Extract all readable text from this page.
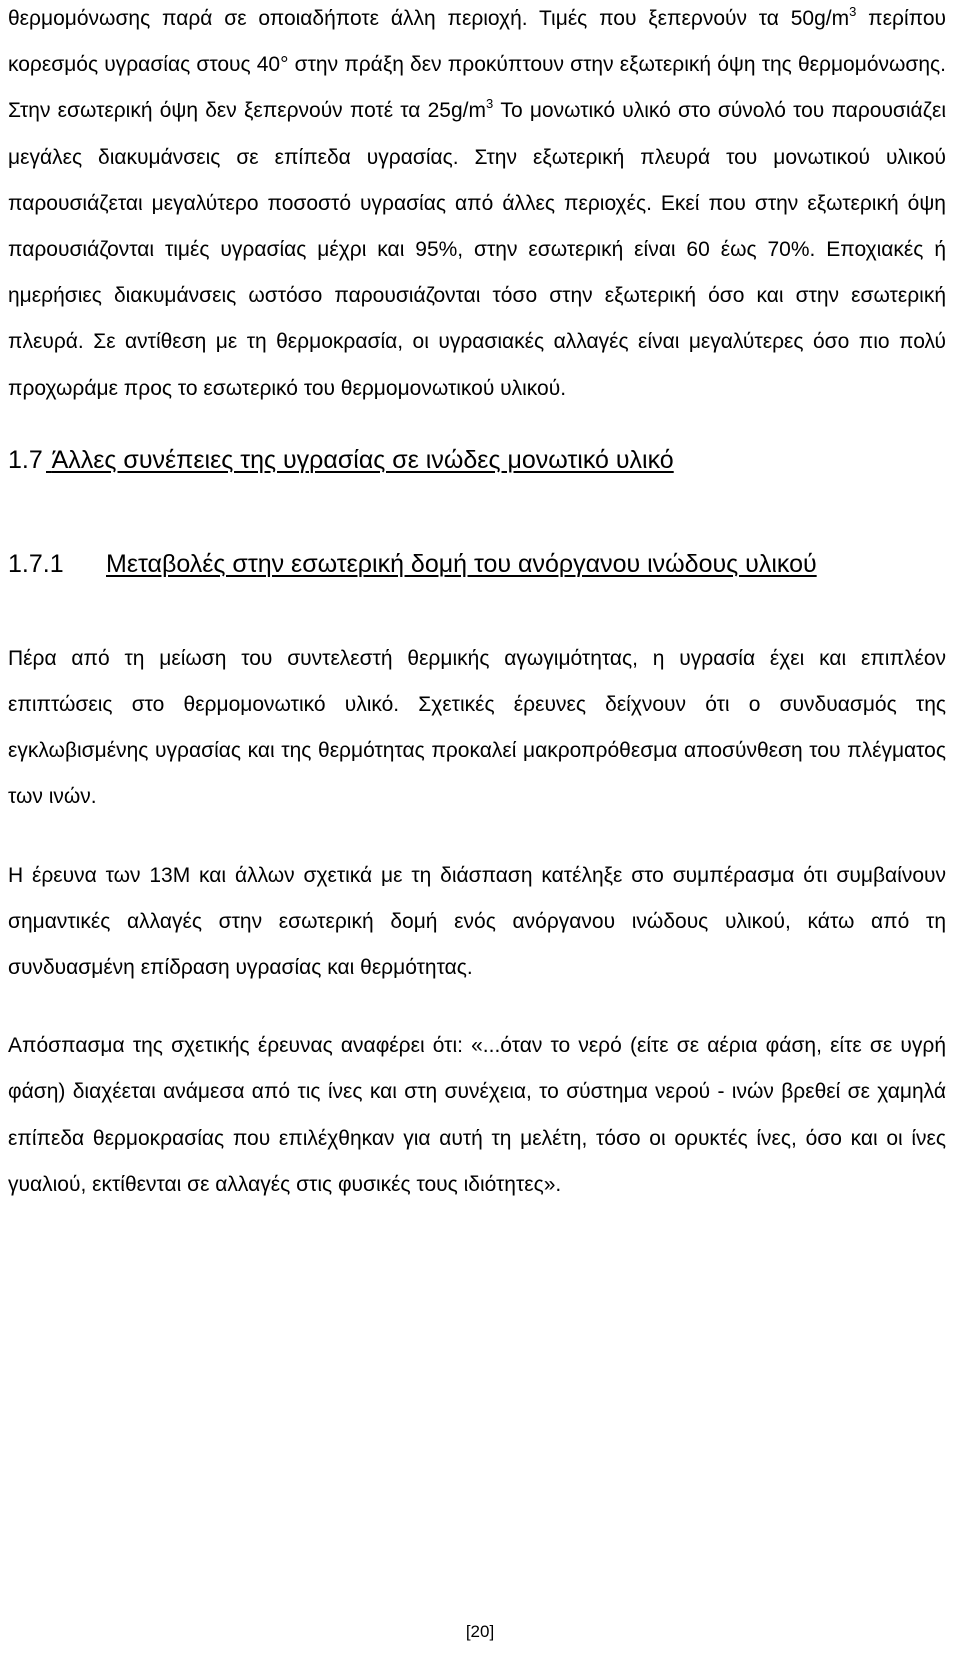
θερμομόνωσης παρά σε οποιαδήποτε άλλη περιοχή. Τιμές που ξεπερνούν τα $50g/m^3$ περίπου κορεσμός υγρασίας στους 40° στην πράξη δεν προκύπτουν στην εξωτερική όψη της θερμομόνωσης. Στην εσωτερική όψη δεν ξεπερνούν ποτέ τα $25g/m^3$ Το μονωτικό υλικό στο σύνολό του παρουσιάζει μεγάλες διακυμάνσεις σε επίπεδα υγρασίας. Στην εξωτερική πλευρά του μονωτικού υλικού παρουσιάζεται μεγαλύτερο ποσοστό υγρασίας από άλλες περιοχές. Εκεί που στην εξωτερική όψη παρουσιάζονται τιμές υγρασίας μέχρι και 95%, στην εσωτερική είναι 60 έως 70%. Εποχιακές ή ημερήσιες διακυμάνσεις ωστόσο παρουσιάζονται τόσο στην εξωτερική όσο και στην εσωτερική πλευρά. Σε αντίθεση με τη θερμοκρασία, οι υγρασιακές αλλαγές είναι μεγαλύτερες όσο πιο πολύ προχωράμε προς το εσωτερικό του θερμομονωτικού υλικού.

1.7 Άλλες συνέπειες της υγρασίας σε ινώδες μονωτικό υλικό
1.7.1 Μεταβολές στην εσωτερική δομή του ανόργανου ινώδους υλικού

Πέρα από τη μείωση του συντελεστή θερμικής αγωγιμότητας, η υγρασία έχει και επιπλέον επιπτώσεις στο θερμομονωτικό υλικό. Σχετικές έρευνες δείχνουν ότι ο συνδυασμός της εγκλωβισμένης υγρασίας και της θερμότητας προκαλεί μακροπρόθεσμα αποσύνθεση του πλέγματος των ινών.

Η έρευνα των 13M και άλλων σχετικά με τη διάσπαση κατέληξε στο συμπέρασμα ότι συμβαίνουν σημαντικές αλλαγές στην εσωτερική δομή ενός ανόργανου ινώδους υλικού, κάτω από τη συνδυασμένη επίδραση υγρασίας και θερμότητας.

Απόσπασμα της σχετικής έρευνας αναφέρει ότι: «...όταν το νερό (είτε σε αέρια φάση, είτε σε υγρή φάση) διαχέεται ανάμεσα από τις ίνες και στη συνέχεια, το σύστημα νερού - ινών βρεθεί σε χαμηλά επίπεδα θερμοκρασίας που επιλέχθηκαν για αυτή τη μελέτη, τόσο οι ορυκτές ίνες, όσο και οι ίνες γυαλιού, εκτίθενται σε αλλαγές στις φυσικές τους ιδιότητες».

[20]
